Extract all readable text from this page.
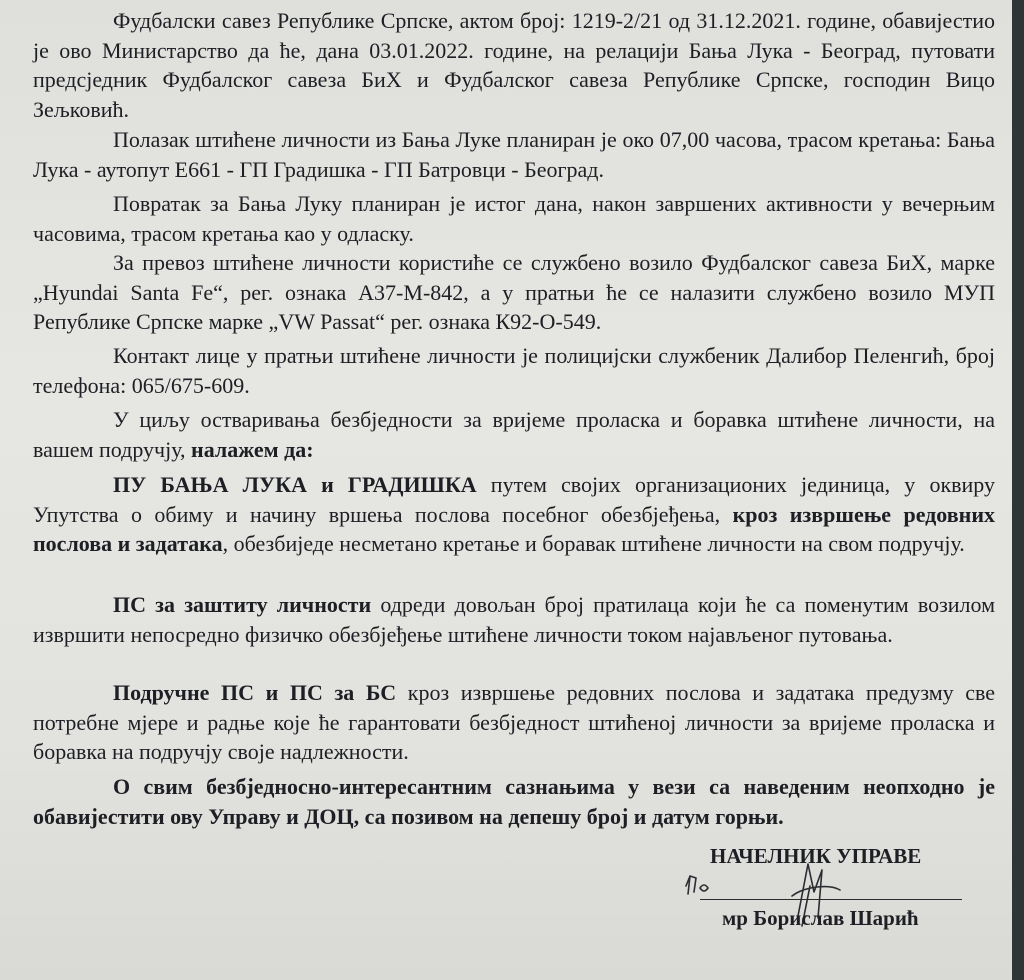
Фудбалски савез Републике Српске, актом број: 1219-2/21 од 31.12.2021. године, обавијестио је ово Министарство да ће, дана 03.01.2022. године, на релацији Бања Лука - Београд, путовати предсједник Фудбалског савеза БиХ и Фудбалског савеза Републике Српске, господин Вицо Зељковић.

Полазак штићене личности из Бања Луке планиран је око 07,00 часова, трасом кретања: Бања Лука - аутопут Е661 - ГП Градишка - ГП Батровци - Београд.

Повратак за Бања Луку планиран је истог дана, након завршених активности у вечерњим часовима, трасом кретања као у одласку.

За превоз штићене личности користиће се службено возило Фудбалског савеза БиХ, марке „Hyundai Santa Fe“, рег. ознака А37-М-842, а у пратњи ће се налазити службено возило МУП Републике Српске марке „VW Passat“ рег. ознака К92-О-549.

Контакт лице у пратњи штићене личности је полицијски службеник Далибор Пеленгић, број телефона: 065/675-609.

У циљу остваривања безбједности за вријеме проласка и боравка штићене личности, на вашем подручју, налажем да:

ПУ БАЊА ЛУКА и ГРАДИШКА путем својих организационих јединица, у оквиру Упутства о обиму и начину вршења послова посебног обезбјеђења, кроз извршење редовних послова и задатака, обезбиједе несметано кретање и боравак штићене личности на свом подручју.

ПС за заштиту личности одреди довољан број пратилаца који ће са поменутим возилом извршити непосредно физичко обезбјеђење штићене личности током најављеног путовања.

Подручне ПС и ПС за БС кроз извршење редовних послова и задатака предузму све потребне мјере и радње које ће гарантовати безбједност штићеној личности за вријеме проласка и боравка на подручју своје надлежности.

О свим безбједносно-интересантним сазнањима у вези са наведеним неопходно је обавијестити ову Управу и ДОЦ, са позивом на депешу број и датум горњи.

НАЧЕЛНИК УПРАВЕ
мр Борислав Шарић
